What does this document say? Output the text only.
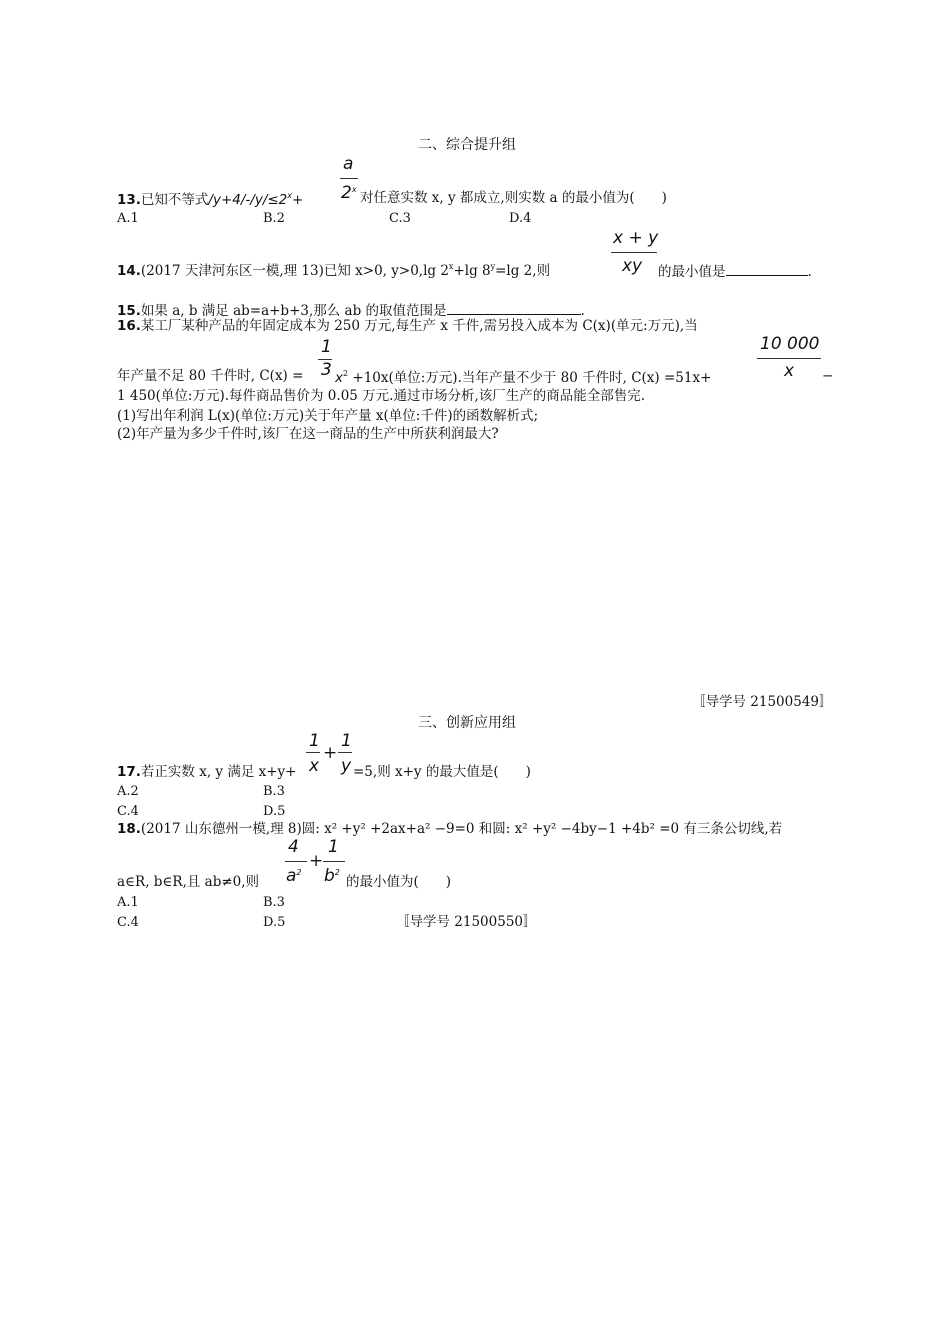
二、综合提升组
a
2$^x$
13.已知不等式$/y+4/-/y/\le 2^x+$	对任意实数 x, y 都成立,则实数 a 的最小值为(　　)
A.1	B.2	C.3	D.4
x + y
xy
14.(2017 天津河东区一模,理 13)已知 x>0, y>0,lg $2^x+\lg$ $8^y=\lg$ 2,则	的最小值是	.
15.如果 a, b 满足 ab=a+b+3,那么 ab 的取值范围是	.
16.某工厂某种产品的年固定成本为 250 万元,每生产 x 千件,需另投入成本为 C(x)(单元:万元),当
1
3
10 000
x
年产量不足 80 千件时, $C(x) = x^2 +10x$(单位:万元).当年产量不少于 80 千件时, C(x) =51x+	−
1 450(单位:万元).每件商品售价为 0.05 万元.通过市场分析,该厂生产的商品能全部售完.
(1)写出年利润 L(x)(单位:万元)关于年产量 x(单位:千件)的函数解析式;
(2)年产量为多少千件时,该厂在这一商品的生产中所获利润最大?
〚导学号 21500549〛
三、创新应用组
1
x
+
1
y
17.若正实数 x, y 满足 x+y+	=5,则 x+y 的最大值是(　　)
A.2	B.3
C.4	D.5
18.(2017 山东德州一模,理 8)圆: x² +y² +2ax+a² −9=0 和圆: x² +y² −4by−1 +4b² =0 有三条公切线,若
4
$a^2$
+
1
$b^2$
a∈R, b∈R,且 ab≠0,则	的最小值为(　　)
A.1	B.3
C.4	D.5	〚导学号 21500550〛
